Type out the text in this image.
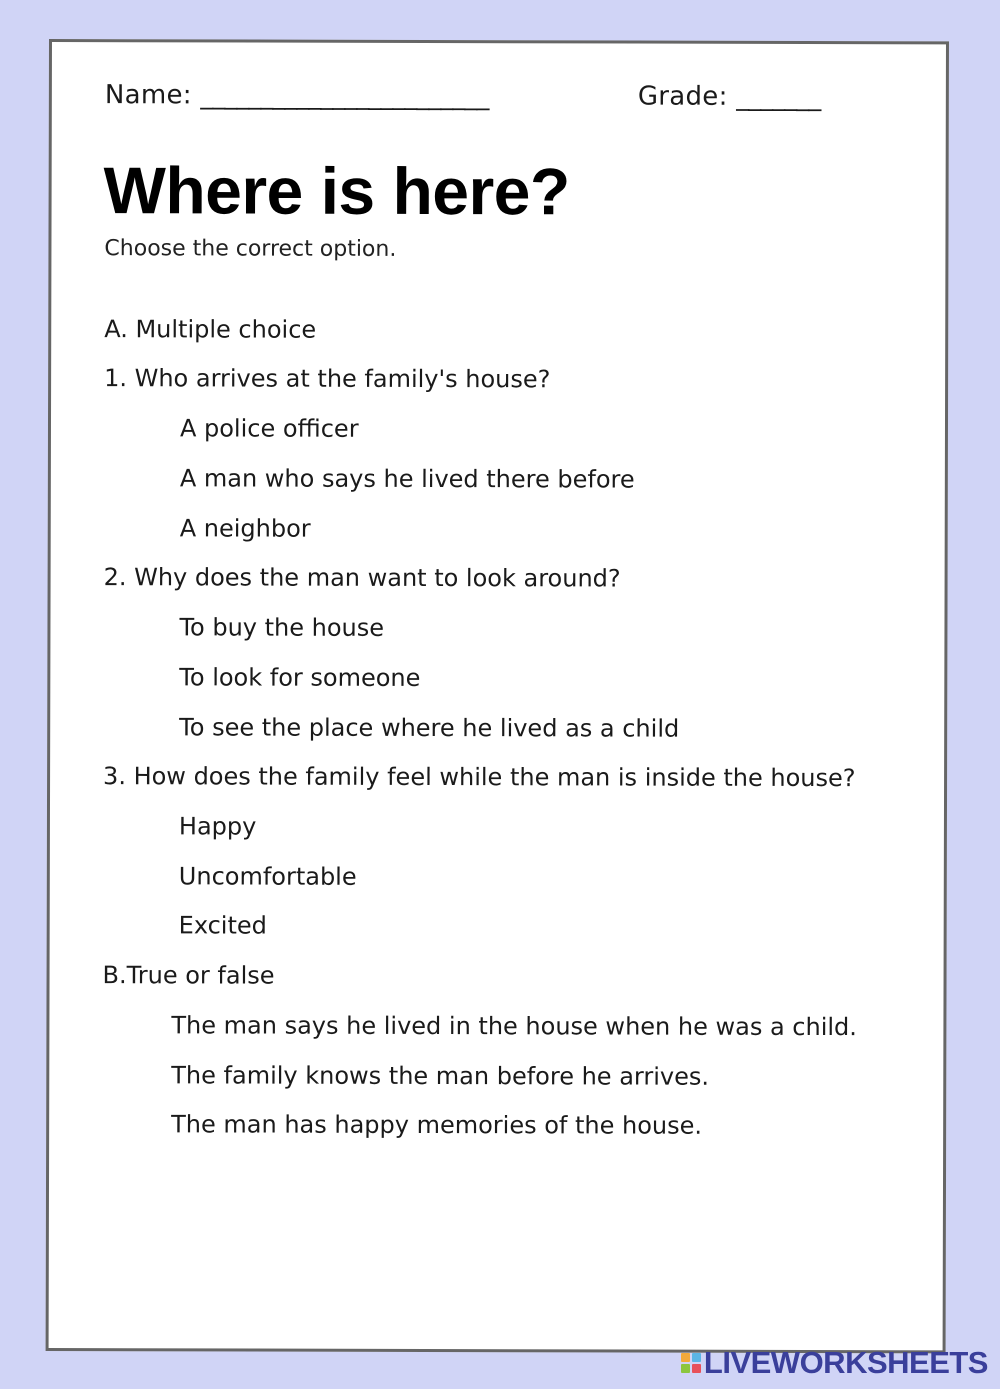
Name: ________________________	Grade: _______
Where is here?
Choose the correct option.
A. Multiple choice
1. Who arrives at the family's house?
A police officer
A man who says he lived there before
A neighbor
2. Why does the man want to look around?
To buy the house
To look for someone
To see the place where he lived as a child
3. How does the family feel while the man is inside the house?
Happy
Uncomfortable
Excited
B.True or false
The man says he lived in the house when he was a child.
The family knows the man before he arrives.
The man has happy memories of the house.
LIVEWORKSHEETS
